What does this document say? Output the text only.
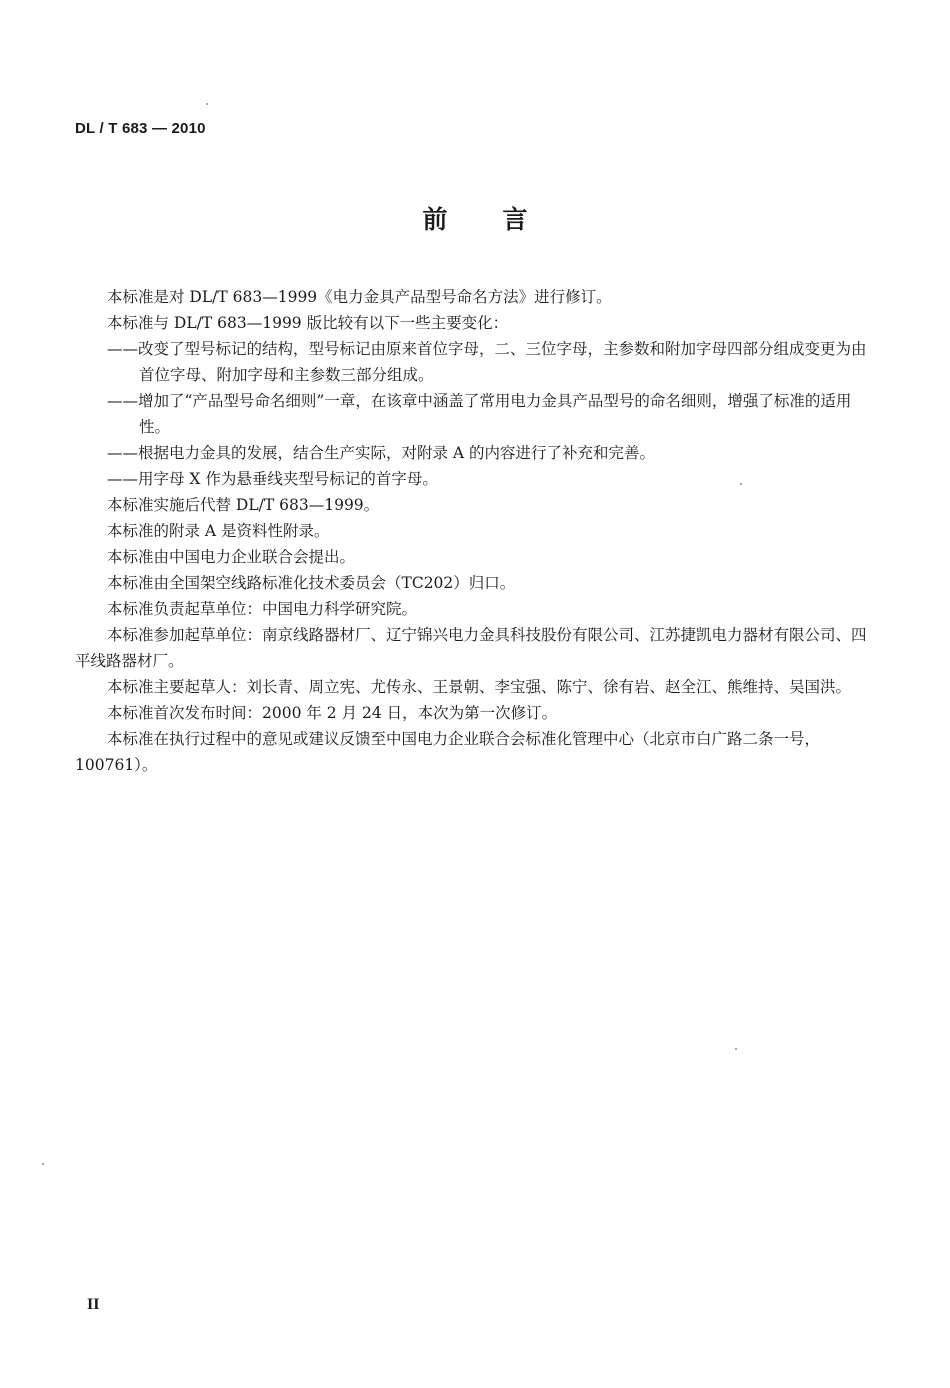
DL / T 683 — 2010
前言

本标准是对 DL/T 683—1999《电力金具产品型号命名方法》进行修订。

本标准与 DL/T 683—1999 版比较有以下一些主要变化：

——改变了型号标记的结构，型号标记由原来首位字母，二、三位字母，主参数和附加字母四部分组成变更为由首位字母、附加字母和主参数三部分组成。

——增加了“产品型号命名细则”一章，在该章中涵盖了常用电力金具产品型号的命名细则，增强了标准的适用性。

——根据电力金具的发展，结合生产实际，对附录 A 的内容进行了补充和完善。

——用字母 X 作为悬垂线夹型号标记的首字母。

本标准实施后代替 DL/T 683—1999。

本标准的附录 A 是资料性附录。

本标准由中国电力企业联合会提出。

本标准由全国架空线路标准化技术委员会（TC202）归口。

本标准负责起草单位：中国电力科学研究院。

本标准参加起草单位：南京线路器材厂、辽宁锦兴电力金具科技股份有限公司、江苏捷凯电力器材有限公司、四平线路器材厂。

本标准主要起草人：刘长青、周立宪、尤传永、王景朝、李宝强、陈宁、徐有岩、赵全江、熊维持、吴国洪。

本标准首次发布时间：2000 年 2 月 24 日，本次为第一次修订。

本标准在执行过程中的意见或建议反馈至中国电力企业联合会标准化管理中心（北京市白广路二条一号，100761）。

II
